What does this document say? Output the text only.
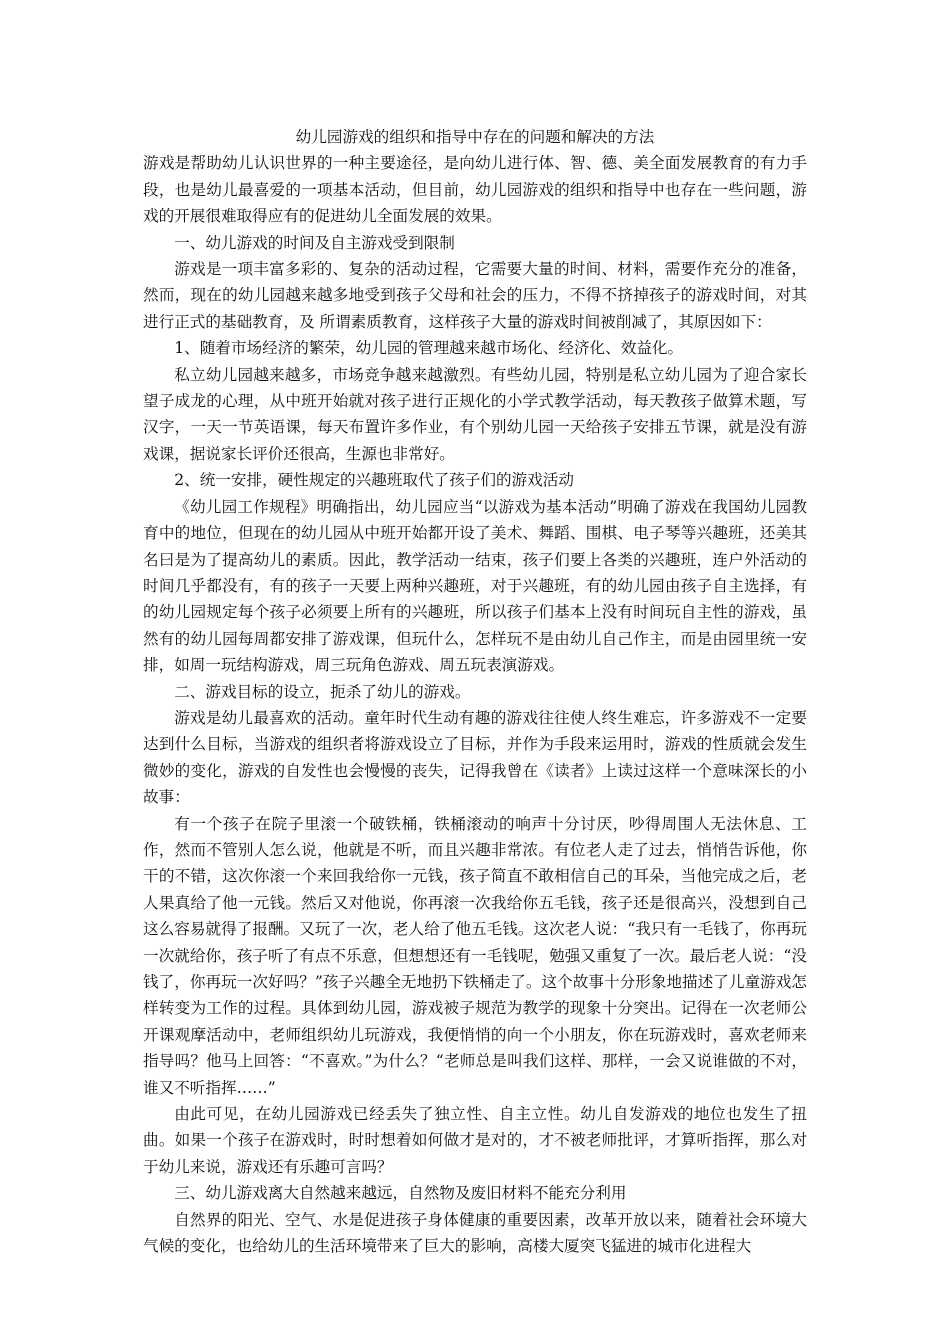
幼儿园游戏的组织和指导中存在的问题和解决的方法

游戏是帮助幼儿认识世界的一种主要途径，是向幼儿进行体、智、德、美全面发展教育的有力手段，也是幼儿最喜爱的一项基本活动，但目前，幼儿园游戏的组织和指导中也存在一些问题，游戏的开展很难取得应有的促进幼儿全面发展的效果。

一、幼儿游戏的时间及自主游戏受到限制

游戏是一项丰富多彩的、复杂的活动过程，它需要大量的时间、材料，需要作充分的准备，然而，现在的幼儿园越来越多地受到孩子父母和社会的压力，不得不挤掉孩子的游戏时间，对其进行正式的基础教育，及 所谓素质教育，这样孩子大量的游戏时间被削减了，其原因如下：

1、随着市场经济的繁荣，幼儿园的管理越来越市场化、经济化、效益化。

私立幼儿园越来越多，市场竞争越来越激烈。有些幼儿园，特别是私立幼儿园为了迎合家长望子成龙的心理，从中班开始就对孩子进行正规化的小学式教学活动，每天教孩子做算术题，写汉字，一天一节英语课，每天布置许多作业，有个别幼儿园一天给孩子安排五节课，就是没有游戏课，据说家长评价还很高，生源也非常好。

2、统一安排，硬性规定的兴趣班取代了孩子们的游戏活动

《幼儿园工作规程》明确指出，幼儿园应当“以游戏为基本活动”明确了游戏在我国幼儿园教育中的地位，但现在的幼儿园从中班开始都开设了美术、舞蹈、围棋、电子琴等兴趣班，还美其名曰是为了提高幼儿的素质。因此，教学活动一结束，孩子们要上各类的兴趣班，连户外活动的时间几乎都没有，有的孩子一天要上两种兴趣班，对于兴趣班，有的幼儿园由孩子自主选择，有的幼儿园规定每个孩子必须要上所有的兴趣班，所以孩子们基本上没有时间玩自主性的游戏，虽然有的幼儿园每周都安排了游戏课，但玩什么，怎样玩不是由幼儿自己作主，而是由园里统一安排，如周一玩结构游戏，周三玩角色游戏、周五玩表演游戏。

二、游戏目标的设立，扼杀了幼儿的游戏。

游戏是幼儿最喜欢的活动。童年时代生动有趣的游戏往往使人终生难忘，许多游戏不一定要达到什么目标，当游戏的组织者将游戏设立了目标，并作为手段来运用时，游戏的性质就会发生微妙的变化，游戏的自发性也会慢慢的丧失，记得我曾在《读者》上读过这样一个意味深长的小故事：

有一个孩子在院子里滚一个破铁桶，铁桶滚动的响声十分讨厌，吵得周围人无法休息、工作，然而不管别人怎么说，他就是不听，而且兴趣非常浓。有位老人走了过去，悄悄告诉他，你干的不错，这次你滚一个来回我给你一元钱，孩子简直不敢相信自己的耳朵，当他完成之后，老人果真给了他一元钱。然后又对他说，你再滚一次我给你五毛钱，孩子还是很高兴，没想到自己这么容易就得了报酬。又玩了一次，老人给了他五毛钱。这次老人说：“我只有一毛钱了，你再玩一次就给你，孩子听了有点不乐意，但想想还有一毛钱呢，勉强又重复了一次。最后老人说：“没钱了，你再玩一次好吗？”孩子兴趣全无地扔下铁桶走了。这个故事十分形象地描述了儿童游戏怎样转变为工作的过程。具体到幼儿园，游戏被子规范为教学的现象十分突出。记得在一次老师公开课观摩活动中，老师组织幼儿玩游戏，我便悄悄的向一个小朋友，你在玩游戏时，喜欢老师来指导吗？他马上回答：“不喜欢。”为什么？“老师总是叫我们这样、那样，一会又说谁做的不对，谁又不听指挥……”

由此可见，在幼儿园游戏已经丢失了独立性、自主立性。幼儿自发游戏的地位也发生了扭曲。如果一个孩子在游戏时，时时想着如何做才是对的，才不被老师批评，才算听指挥，那么对于幼儿来说，游戏还有乐趣可言吗？

三、幼儿游戏离大自然越来越远，自然物及废旧材料不能充分利用

自然界的阳光、空气、水是促进孩子身体健康的重要因素，改革开放以来，随着社会环境大气候的变化，也给幼儿的生活环境带来了巨大的影响，高楼大厦突飞猛进的城市化进程大
